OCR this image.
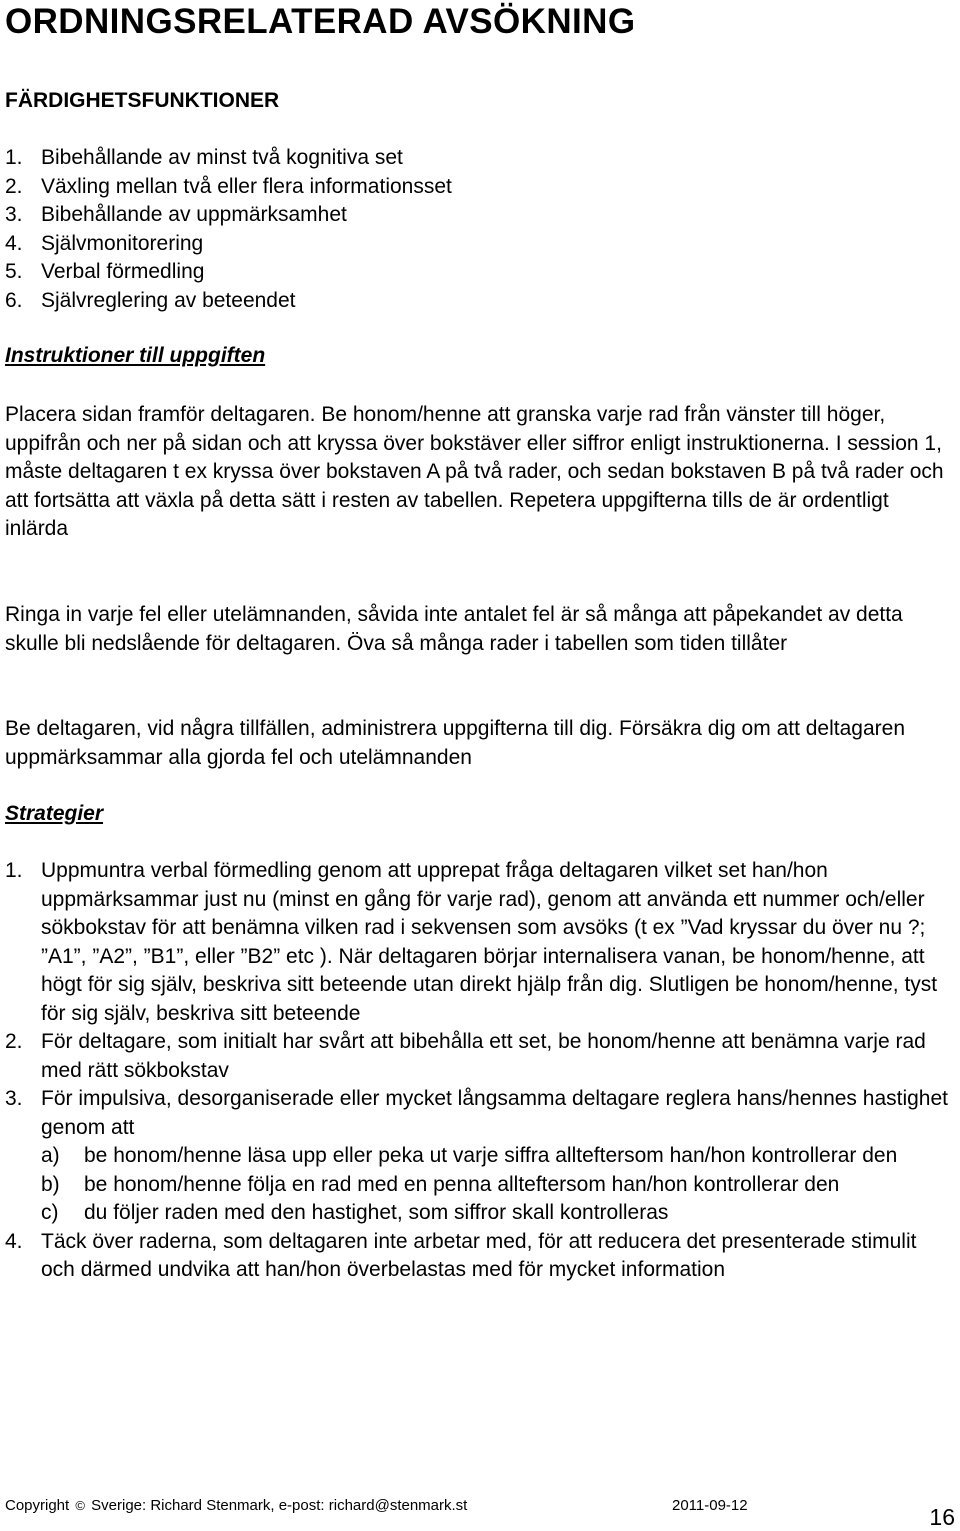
ORDNINGSRELATERAD AVSÖKNING
FÄRDIGHETSFUNKTIONER
1. Bibehållande av minst två kognitiva set
2. Växling mellan två eller flera informationsset
3. Bibehållande av uppmärksamhet
4. Självmonitorering
5. Verbal förmedling
6. Självreglering av beteendet
Instruktioner till uppgiften

Placera sidan framför deltagaren. Be honom/henne att granska varje rad från vänster till höger, uppifrån och ner på sidan och att kryssa över bokstäver eller siffror enligt instruktionerna. I session 1, måste deltagaren t ex kryssa över bokstaven A på två rader, och sedan bokstaven B på två rader och att fortsätta att växla på detta sätt i resten av tabellen. Repetera uppgifterna tills de är ordentligt inlärda

Ringa in varje fel eller utelämnanden, såvida inte antalet fel är så många att påpekandet av detta skulle bli nedslående för deltagaren. Öva så många rader i tabellen som tiden tillåter

Be deltagaren, vid några tillfällen, administrera uppgifterna till dig. Försäkra dig om att deltagaren uppmärksammar alla gjorda fel och utelämnanden

Strategier
1. Uppmuntra verbal förmedling genom att upprepat fråga deltagaren vilket set han/hon uppmärksammar just nu (minst en gång för varje rad), genom att använda ett nummer och/eller sökbokstav för att benämna vilken rad i sekvensen som avsöks (t ex ”Vad kryssar du över nu ?; ”A1”, ”A2”, ”B1”, eller ”B2” etc ). När deltagaren börjar internalisera vanan, be honom/henne, att högt för sig själv, beskriva sitt beteende utan direkt hjälp från dig. Slutligen be honom/henne, tyst för sig själv, beskriva sitt beteende
2. För deltagare, som initialt har svårt att bibehålla ett set, be honom/henne att benämna varje rad med rätt sökbokstav
3. För impulsiva, desorganiserade eller mycket långsamma deltagare reglera hans/hennes hastighet genom att
a)	be honom/henne läsa upp eller peka ut varje siffra allteftersom han/hon kontrollerar den
b)	be honom/henne följa en rad med en penna allteftersom han/hon kontrollerar den
c)	du följer raden med den hastighet, som siffror skall kontrolleras
4. Täck över raderna, som deltagaren inte arbetar med, för att reducera det presenterade stimulit och därmed undvika att han/hon överbelastas med för mycket information
Copyright © Sverige: Richard Stenmark, e-post: richard@stenmark.st	2011-09-12	16
